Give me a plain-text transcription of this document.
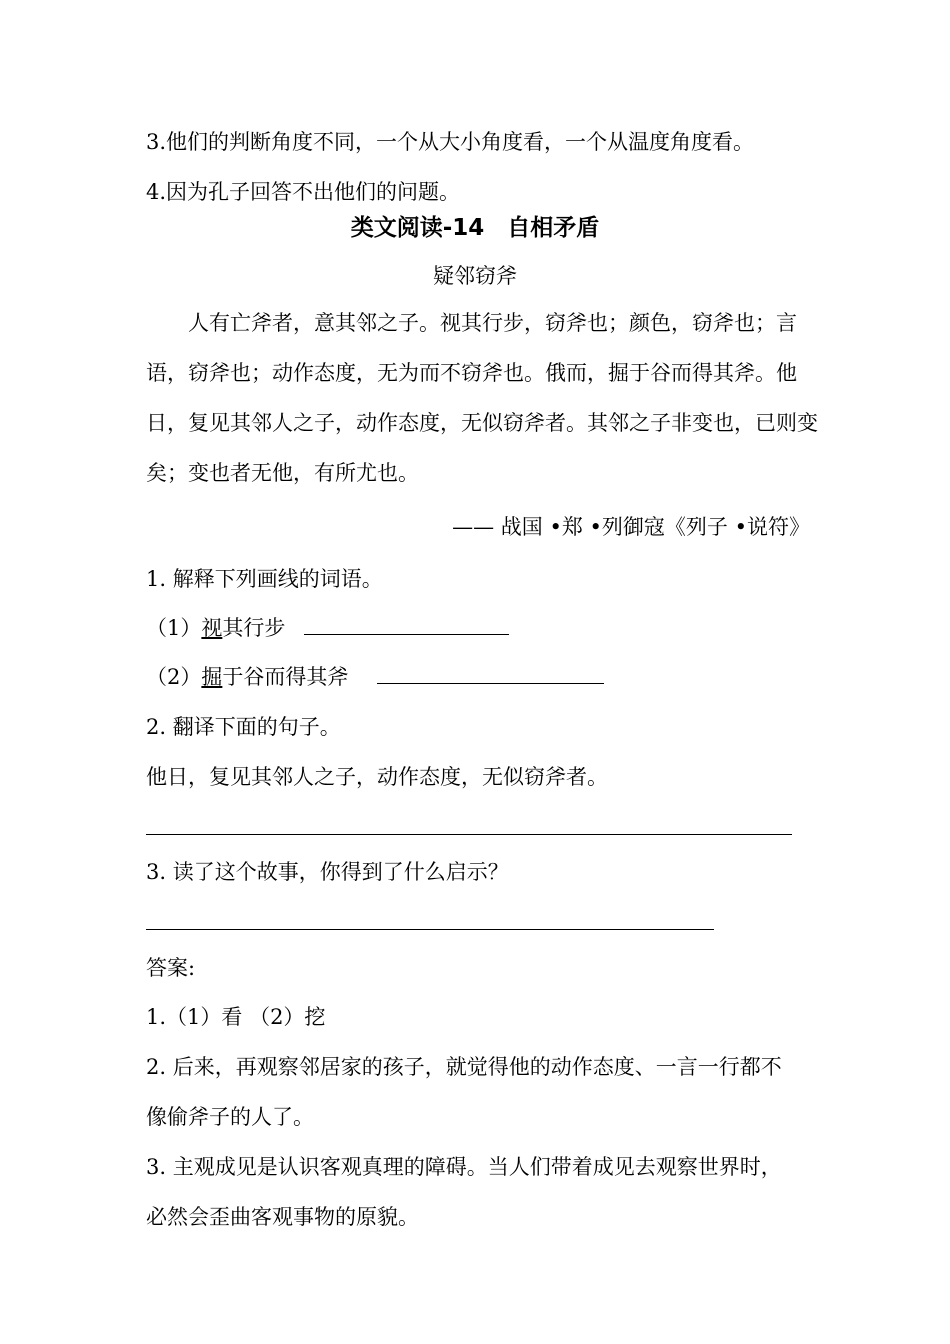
3.他们的判断角度不同，一个从大小角度看，一个从温度角度看。
4.因为孔子回答不出他们的问题。
类文阅读-14　自相矛盾
疑邻窃斧

人有亡斧者，意其邻之子。视其行步，窃斧也；颜色，窃斧也；言语，窃斧也；动作态度，无为而不窃斧也。俄而，掘于谷而得其斧。他日，复见其邻人之子，动作态度，无似窃斧者。其邻之子非变也，已则变矣；变也者无他，有所尤也。

—— 战国 •郑 •列御寇《列子 •说符》
1. 解释下列画线的词语。
（1）视其行步
（2）掘于谷而得其斧
2. 翻译下面的句子。
他日，复见其邻人之子，动作态度，无似窃斧者。
3. 读了这个故事，你得到了什么启示？
答案:
1.（1）看 （2）挖
2. 后来，再观察邻居家的孩子，就觉得他的动作态度、一言一行都不
像偷斧子的人了。
3. 主观成见是认识客观真理的障碍。当人们带着成见去观察世界时，
必然会歪曲客观事物的原貌。
